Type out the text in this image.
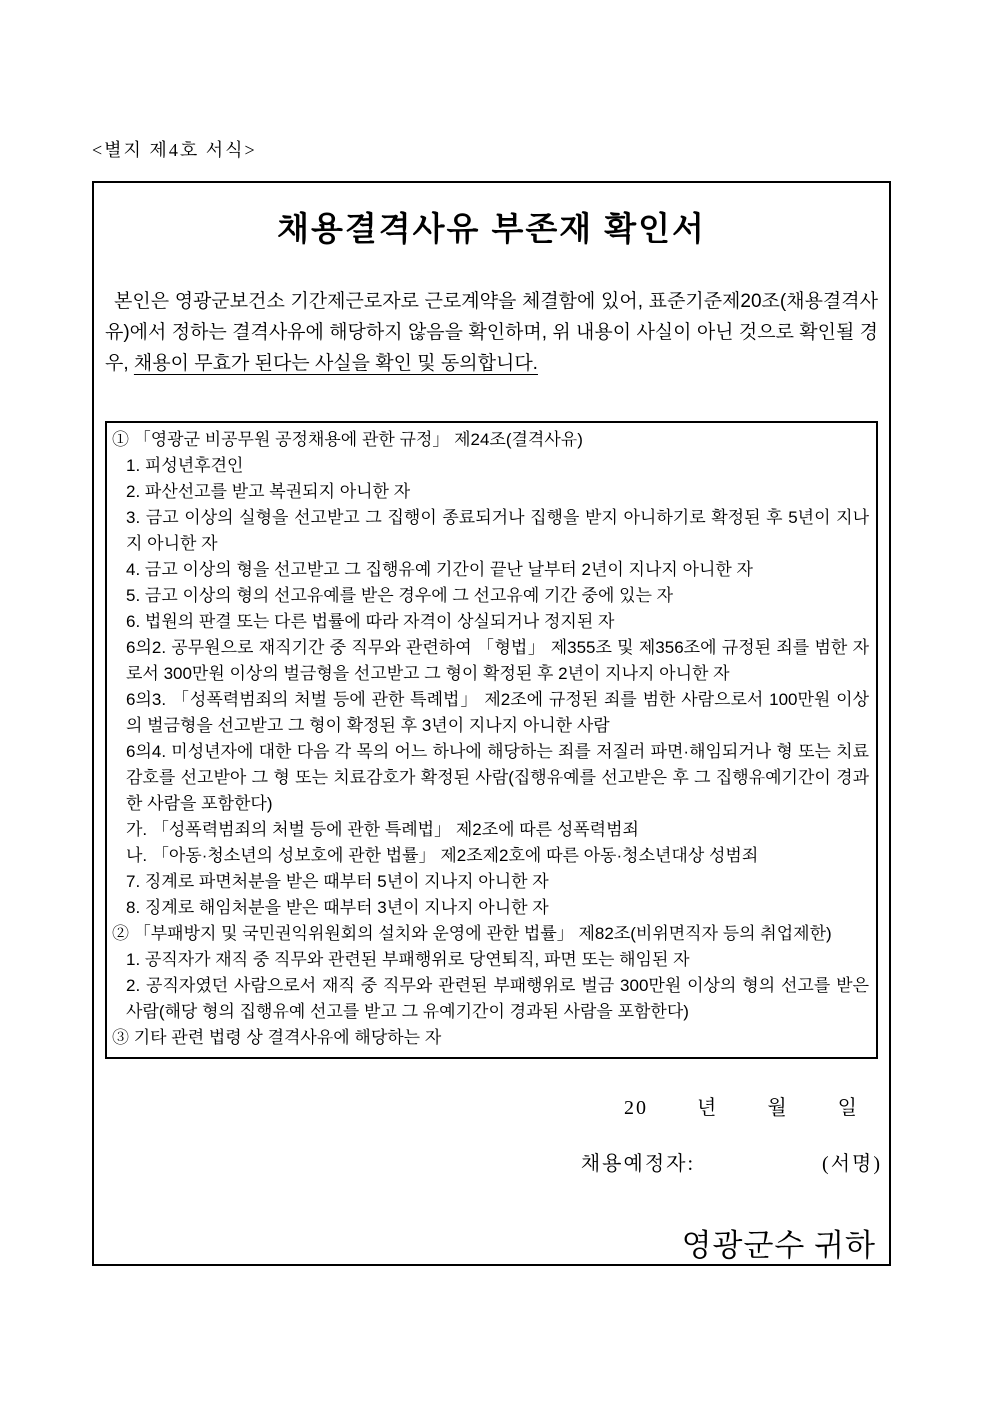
<별지 제4호 서식>
채용결격사유 부존재 확인서
본인은 영광군보건소 기간제근로자로 근로계약을 체결함에 있어, 표준기준제20조(채용결격사유)에서 정하는 결격사유에 해당하지 않음을 확인하며, 위 내용이 사실이 아닌 것으로 확인될 경우, 채용이 무효가 된다는 사실을 확인 및 동의합니다.
① 「영광군 비공무원 공정채용에 관한 규정」 제24조(결격사유)
1. 피성년후견인
2. 파산선고를 받고 복권되지 아니한 자
3. 금고 이상의 실형을 선고받고 그 집행이 종료되거나 집행을 받지 아니하기로 확정된 후 5년이 지나지 아니한 자
4. 금고 이상의 형을 선고받고 그 집행유예 기간이 끝난 날부터 2년이 지나지 아니한 자
5. 금고 이상의 형의 선고유예를 받은 경우에 그 선고유예 기간 중에 있는 자
6. 법원의 판결 또는 다른 법률에 따라 자격이 상실되거나 정지된 자
6의2. 공무원으로 재직기간 중 직무와 관련하여 「형법」 제355조 및 제356조에 규정된 죄를 범한 자로서 300만원 이상의 벌금형을 선고받고 그 형이 확정된 후 2년이 지나지 아니한 자
6의3. 「성폭력범죄의 처벌 등에 관한 특례법」 제2조에 규정된 죄를 범한 사람으로서 100만원 이상의 벌금형을 선고받고 그 형이 확정된 후 3년이 지나지 아니한 사람
6의4. 미성년자에 대한 다음 각 목의 어느 하나에 해당하는 죄를 저질러 파면·해임되거나 형 또는 치료감호를 선고받아 그 형 또는 치료감호가 확정된 사람(집행유예를 선고받은 후 그 집행유예기간이 경과한 사람을 포함한다)
가. 「성폭력범죄의 처벌 등에 관한 특례법」 제2조에 따른 성폭력범죄
나. 「아동·청소년의 성보호에 관한 법률」 제2조제2호에 따른 아동·청소년대상 성범죄
7. 징계로 파면처분을 받은 때부터 5년이 지나지 아니한 자
8. 징계로 해임처분을 받은 때부터 3년이 지나지 아니한 자
② 「부패방지 및 국민권익위원회의 설치와 운영에 관한 법률」 제82조(비위면직자 등의 취업제한)
1. 공직자가 재직 중 직무와 관련된 부패행위로 당연퇴직, 파면 또는 해임된 자
2. 공직자였던 사람으로서 재직 중 직무와 관련된 부패행위로 벌금 300만원 이상의 형의 선고를 받은 사람(해당 형의 집행유예 선고를 받고 그 유예기간이 경과된 사람을 포함한다)
③ 기타 관련 법령 상 결격사유에 해당하는 자
20 년 월 일
채용예정자:	(서명)
영광군수 귀하
